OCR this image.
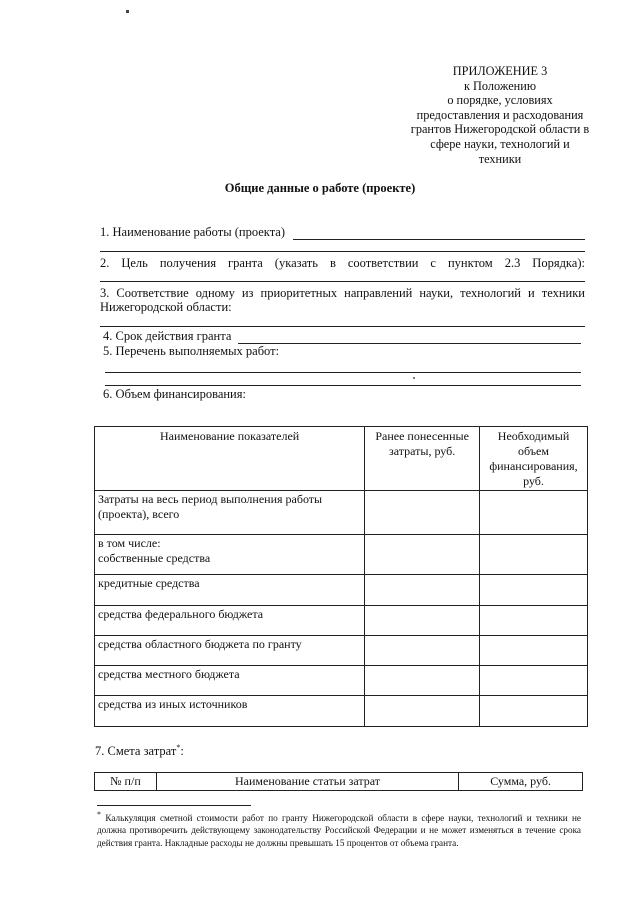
ПРИЛОЖЕНИЕ 3
к Положению
о порядке, условиях
предоставления и расходования
грантов Нижегородской области в
сфере науки, технологий и
техники
Общие данные о работе (проекте)
1. Наименование работы (проекта)
2. Цель получения гранта (указать в соответствии с пунктом 2.3 Порядка):
3. Соответствие одному из приоритетных направлений науки, технологий и техники
Нижегородской области:
4. Срок действия гранта
5. Перечень выполняемых работ:
6. Объем финансирования:
Наименование показателей	Ранее понесенные затраты, руб.	Необходимый объем финансирования, руб.
Затраты на весь период выполнения работы (проекта), всего		

в том числе:
собственные средства		

кредитные средства		
средства федерального бюджета		
средства областного бюджета по гранту		
средства местного бюджета		
средства из иных источников		
7. Смета затрат*:
№ п/п	Наименование статьи затрат	Сумма, руб.
* Калькуляция сметной стоимости работ по гранту Нижегородской области в сфере науки, технологий и техники не должна противоречить действующему законодательству Российской Федерации и не может изменяться в течение срока действия гранта. Накладные расходы не должны превышать 15 процентов от объема гранта.
